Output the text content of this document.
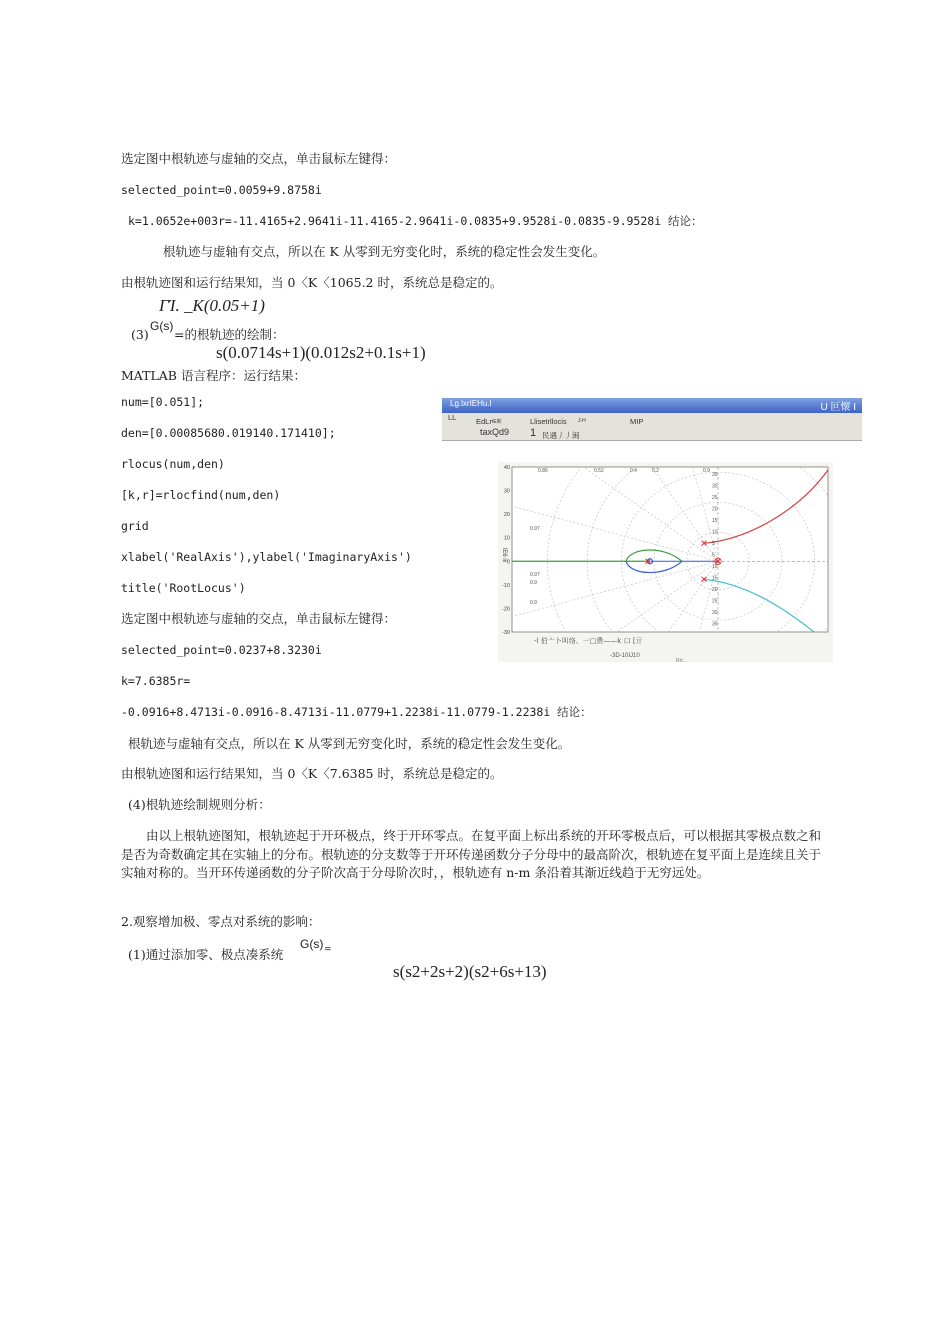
选定图中根轨迹与虚轴的交点，单击鼠标左键得：
selected_point=0.0059+9.8758i
k=1.0652e+003r=-11.4165+2.9641i-11.4165-2.9641i-0.0835+9.9528i-0.0835-9.9528i 结论：
根轨迹与虚轴有交点，所以在 K 从零到无穷变化时，系统的稳定性会发生变化。
由根轨迹图和运行结果知，当 0〈K〈1065.2 时，系统总是稳定的。
ΓΊ. _K(0.05+1)
(3)
G(s)
=的根轨迹的绘制：
s(0.0714s+1)(0.012s2+0.1s+1)
MATLAB 语言程序：运行结果：
num=[0.051];
den=[0.00085680.019140.171410];
rlocus(num,den)
[k,r]=rlocfind(num,den)
grid
xlabel('RealAxis'),ylabel('ImaginaryAxis')
title('RootLocus')
选定图中根轨迹与虚轴的交点，单击鼠标左键得：
selected_point=0.0237+8.3230i
k=7.6385r=
-0.0916+8.4713i-0.0916-8.4713i-11.0779+1.2238i-11.0779-1.2238i 结论：
根轨迹与虚轴有交点，所以在 K 从零到无穷变化时，系统的稳定性会发生变化。
由根轨迹图和运行结果知，当 0〈K〈7.6385 时，系统总是稳定的。
(4)根轨迹绘制规则分析：
由以上根轨迹图知，根轨迹起于开环极点，终于开环零点。在复平面上标出系统的开环零极点后，可以根据其零极点数之和是否为奇数确定其在实轴上的分布。根轨迹的分支数等于开环传递函数分子分母中的最高阶次，根轨迹在复平面上是连续且关于实轴对称的。当开环传递函数的分子阶次高于分母阶次时，，根轨迹有 n-m 条沿着其渐近线趋于无穷远处。
2.观察增加极、零点对系统的影响：
(1)通过添加零、极点凑系统
G(s) =
s(s2+2s+2)(s2+6s+13)
Lg.lxrIEHu.l	U 叵懐 I
LL	EdLr tE断
taxQd9
Llisetrllocis J-H
1 民遇丿丿闽
MIP
40
30
20
10
0
-10
-20
-30
0.86	0.52	0.4	0.2	0.9
0.97
0.97
0.9
0.9
35
30
25
20
15
10
5
5
10
15
20
25
30
35
Rrt...
lE6 iii
-l 伯亠卜叫络、一□费——k 口 [亓
-3D-10IJ10
